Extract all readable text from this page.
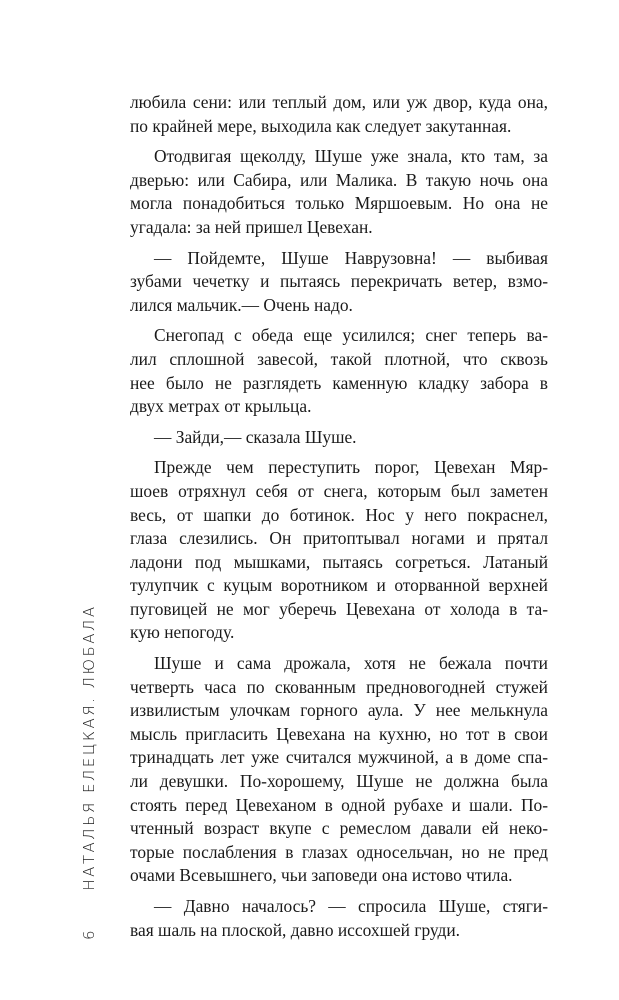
любила сени: или теплый дом, или уж двор, куда она,
по крайней мере, выходила как следует закутанная.
Отодвигая щеколду, Шуше уже знала, кто там, за
дверью: или Сабира, или Малика. В такую ночь она
могла понадобиться только Мяршоевым. Но она не
угадала: за ней пришел Цевехан.
— Пойдемте, Шуше Наврузовна! — выбивая
зубами чечетку и пытаясь перекричать ветер, взмо-
лился мальчик.— Очень надо.
Снегопад с обеда еще усилился; снег теперь ва-
лил сплошной завесой, такой плотной, что сквозь
нее было не разглядеть каменную кладку забора в
двух метрах от крыльца.
— Зайди,— сказала Шуше.
Прежде чем переступить порог, Цевехан Мяр-
шоев отряхнул себя от снега, которым был заметен
весь, от шапки до ботинок. Нос у него покраснел,
глаза слезились. Он притоптывал ногами и прятал
ладони под мышками, пытаясь согреться. Латаный
тулупчик с куцым воротником и оторванной верхней
пуговицей не мог уберечь Цевехана от холода в та-
кую непогоду.
Шуше и сама дрожала, хотя не бежала почти
четверть часа по скованным предновогодней стужей
извилистым улочкам горного аула. У нее мелькнула
мысль пригласить Цевехана на кухню, но тот в свои
тринадцать лет уже считался мужчиной, а в доме спа-
ли девушки. По-хорошему, Шуше не должна была
стоять перед Цевеханом в одной рубахе и шали. По-
чтенный возраст вкупе с ремеслом давали ей неко-
торые послабления в глазах односельчан, но не пред
очами Всевышнего, чьи заповеди она истово чтила.
— Давно началось? — спросила Шуше, стяги-
вая шаль на плоской, давно иссохшей груди.
6 НАТАЛЬЯ ЕЛЕЦКАЯ. ЛЮБАЛА
